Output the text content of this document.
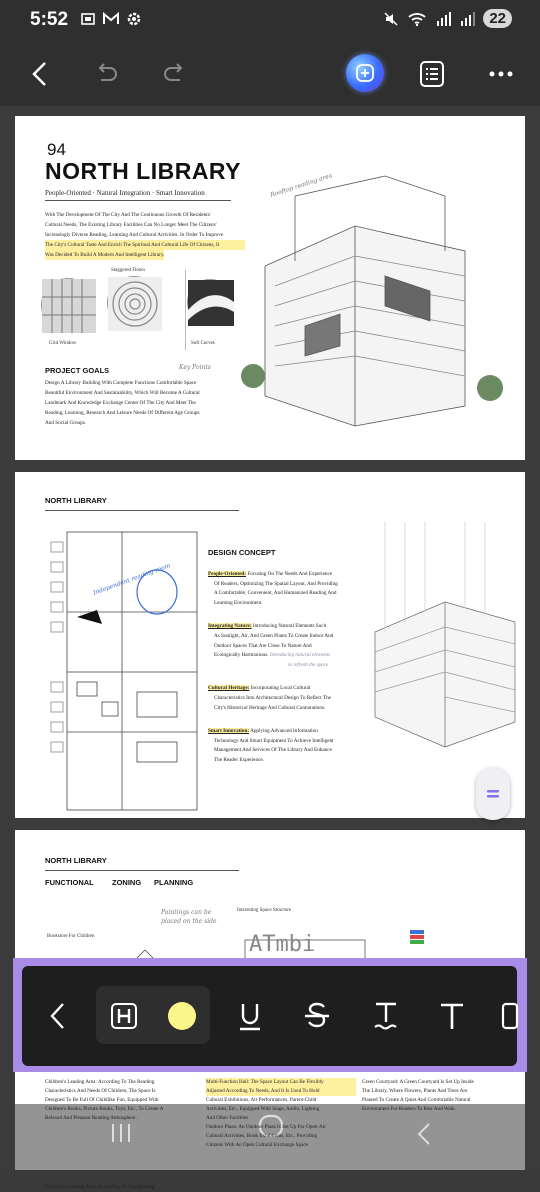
5:52	22
94
NORTH LIBRARY
People-Oriented · Natural Integration · Smart Innovation
With The Development Of The City And The Continuous Growth Of Residents'
Cultural Needs, The Existing Library Facilities Can No Longer Meet The Citizens'
Increasingly Diverse Reading, Learning And Cultural Activities. In Order To Improve
The City's Cultural Taste And Enrich The Spiritual And Cultural Life Of Citizens, It
Was Decided To Build A Modern And Intelligent Library.
Staggered Floors
Grid Window	Soft Curves
PROJECT GOALS	Key Points
Design A Library Building With Complete Functions Comfortable Space
Beautiful Environment And Sustainability, Which Will Become A Cultural
Landmark And Knowledge Exchange Center Of The City And Meet The
Reading, Learning, Research And Leisure Needs Of Different Age Groups
And Social Groups.
Rooftop reading area
NORTH LIBRARY
Independent reading room
DESIGN CONCEPT
People-Oriented: Focusing On The Needs And Experience
Of Readers, Optimizing The Spatial Layout, And Providing
A Comfortable, Convenient, And Humanized Reading And
Learning Environment.
Integrating Nature: Introducing Natural Elements Such
As Sunlight, Air, And Green Plants To Create Indoor And
Outdoor Spaces That Are Close To Nature And
Ecologically Harmonious. Introducing natural elements
to refresh the space
Cultural Heritage: Incorporating Local Cultural
Characteristics Into Architectural Design To Reflect The
City's Historical Heritage And Cultural Connotations.
Smart Innovation: Applying Advanced Information
Technology And Smart Equipment To Achieve Intelligent
Management And Services Of The Library And Enhance
The Reader Experience.
NORTH LIBRARY
FUNCTIONAL ZONING PLANNING
Paintings can be placed on the side
Interesting Space Structure
Bookstore For Children	ATmbi
Children's Leading Area: According To The Reading
Children's Leading Area: According To The Reading
Characteristics And Needs Of Children, The Space Is
Designed To Be Full Of Childlike Fun, Equipped With
Children's Books, Picture Books, Toys, Etc., To Create A
Relaxed And Pleasant Reading Atmosphere.
Multi-Function Hall: The Space Layout Can Be Flexibly
Adjusted According To Needs, And It Is Used To Hold
Cultural Exhibitions, Art Performances, Parent-Child
Activities, Etc., Equipped With Stage, Audio, Lighting
And Other Facilities
Outdoor Plaza: An Outdoor Plaza Is Set Up For Open-Air
Cultural Activities, Book Exhibitions, Etc., Providing
Citizens With An Open Cultural Exchange Space
Green Courtyard: A Green Courtyard Is Set Up Inside
The Library, Where Flowers, Plants And Trees Are
Planted To Create A Quiet And Comfortable Natural
Environment For Readers To Rest And Walk.
